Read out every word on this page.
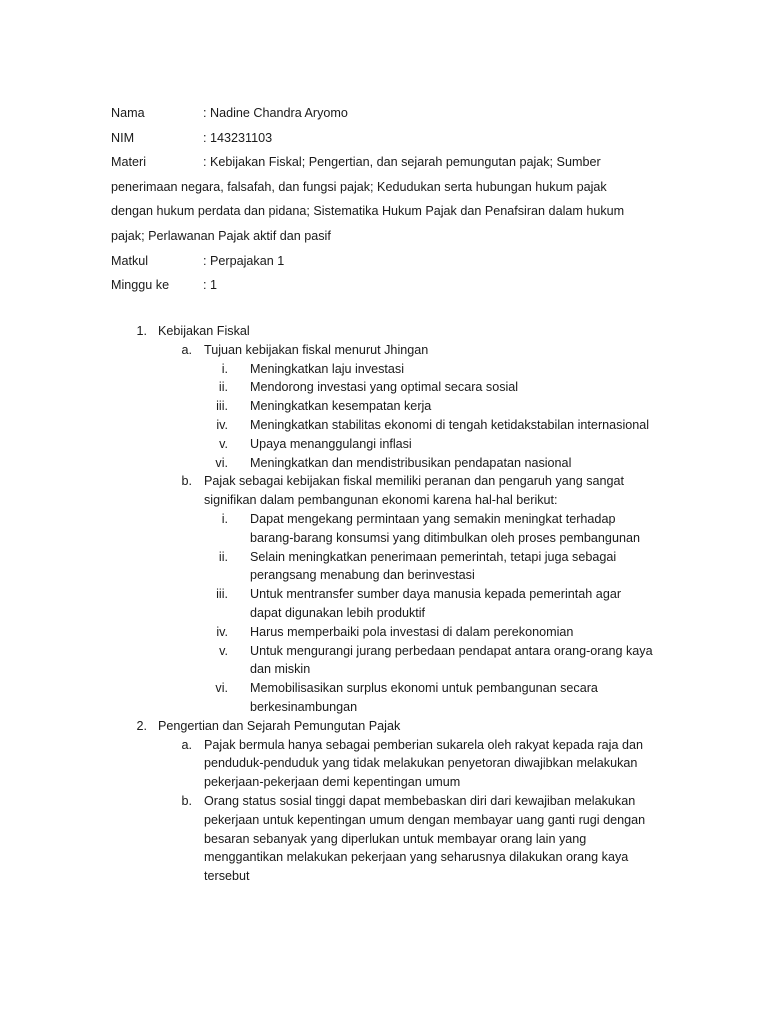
Nama	: Nadine Chandra Aryomo
NIM	: 143231103
Materi	: Kebijakan Fiskal; Pengertian, dan sejarah pemungutan pajak; Sumber penerimaan negara, falsafah, dan fungsi pajak; Kedudukan serta hubungan hukum pajak dengan hukum perdata dan pidana; Sistematika Hukum Pajak dan Penafsiran dalam hukum pajak; Perlawanan Pajak aktif dan pasif
Matkul	: Perpajakan 1
Minggu ke	: 1
1. Kebijakan Fiskal
a. Tujuan kebijakan fiskal menurut Jhingan
i. Meningkatkan laju investasi
ii. Mendorong investasi yang optimal secara sosial
iii. Meningkatkan kesempatan kerja
iv. Meningkatkan stabilitas ekonomi di tengah ketidakstabilan internasional
v. Upaya menanggulangi inflasi
vi. Meningkatkan dan mendistribusikan pendapatan nasional
b. Pajak sebagai kebijakan fiskal memiliki peranan dan pengaruh yang sangat signifikan dalam pembangunan ekonomi karena hal-hal berikut:
i. Dapat mengekang permintaan yang semakin meningkat terhadap barang-barang konsumsi yang ditimbulkan oleh proses pembangunan
ii. Selain meningkatkan penerimaan pemerintah, tetapi juga sebagai perangsang menabung dan berinvestasi
iii. Untuk mentransfer sumber daya manusia kepada pemerintah agar dapat digunakan lebih produktif
iv. Harus memperbaiki pola investasi di dalam perekonomian
v. Untuk mengurangi jurang perbedaan pendapat antara orang-orang kaya dan miskin
vi. Memobilisasikan surplus ekonomi untuk pembangunan secara berkesinambungan
2. Pengertian dan Sejarah Pemungutan Pajak
a. Pajak bermula hanya sebagai pemberian sukarela oleh rakyat kepada raja dan penduduk-penduduk yang tidak melakukan penyetoran diwajibkan melakukan pekerjaan-pekerjaan demi kepentingan umum
b. Orang status sosial tinggi dapat membebaskan diri dari kewajiban melakukan pekerjaan untuk kepentingan umum dengan membayar uang ganti rugi dengan besaran sebanyak yang diperlukan untuk membayar orang lain yang menggantikan melakukan pekerjaan yang seharusnya dilakukan orang kaya tersebut
